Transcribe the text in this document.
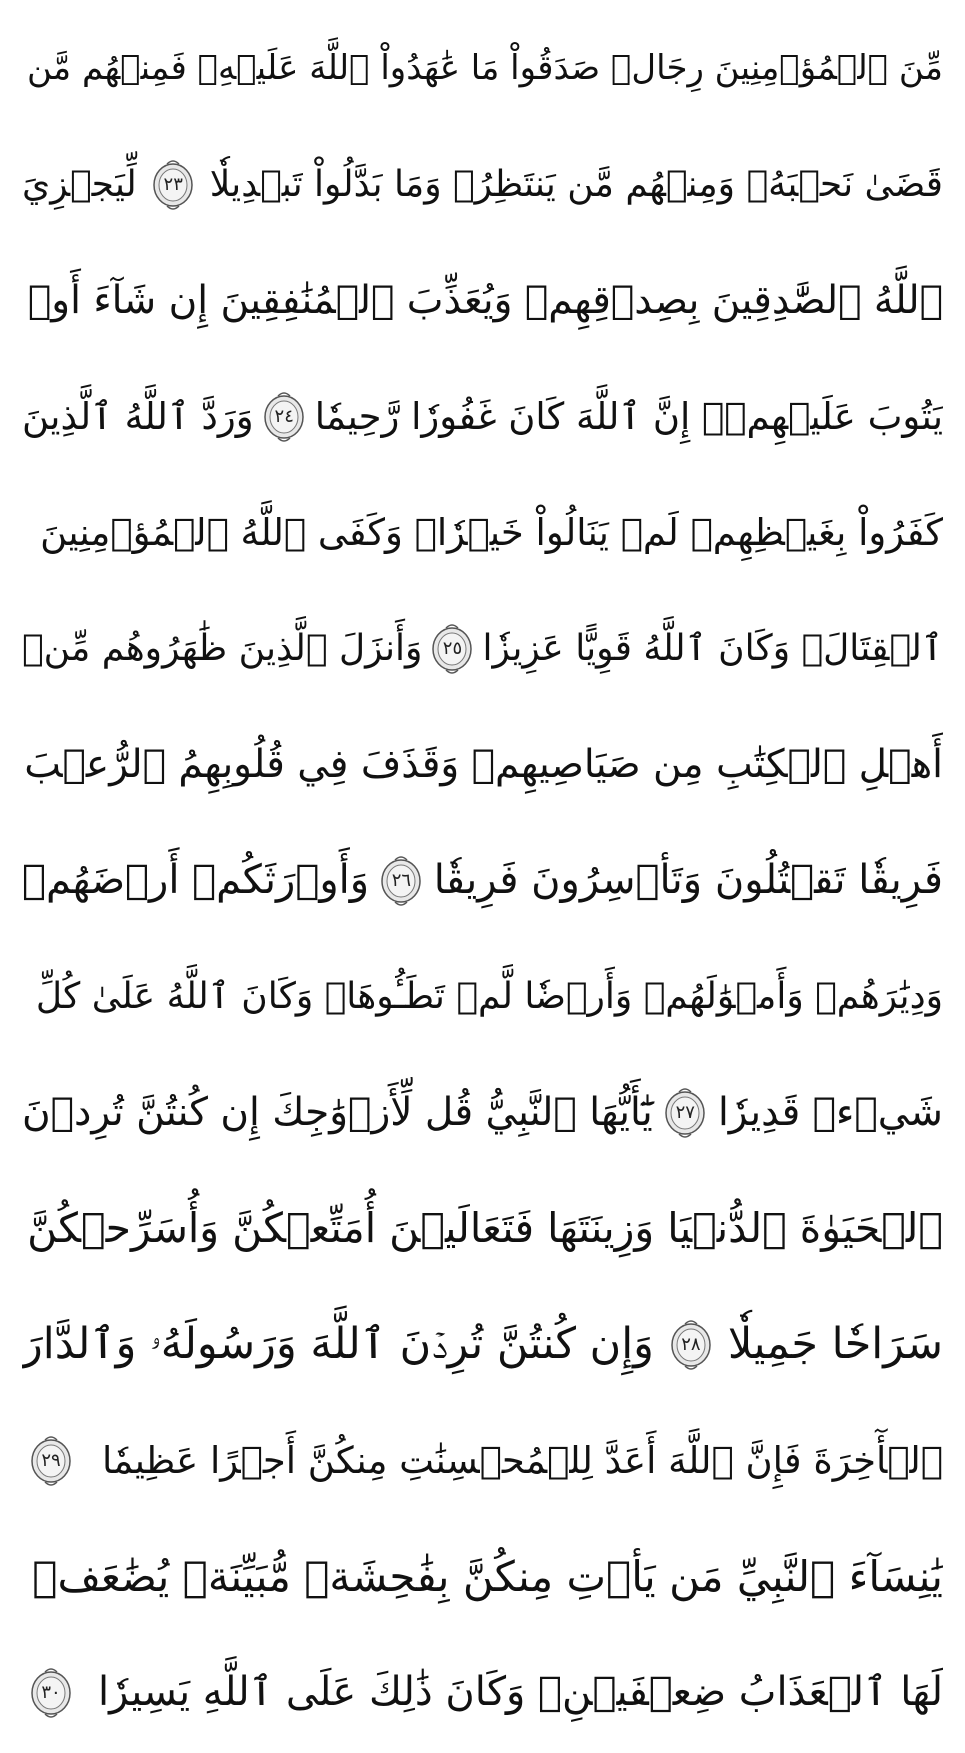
مِّنَ ٱلۡمُؤۡمِنِينَ رِجَالٞ صَدَقُواْ مَا عَٰهَدُواْ ٱللَّهَ عَلَيۡهِۖ فَمِنۡهُم مَّن
قَضَىٰ نَحۡبَهُۥ وَمِنۡهُم مَّن يَنتَظِرُۖ وَمَا بَدَّلُواْ تَبۡدِيلٗا
٢٣
لِّيَجۡزِيَ
ٱللَّهُ ٱلصَّٰدِقِينَ بِصِدۡقِهِمۡ وَيُعَذِّبَ ٱلۡمُنَٰفِقِينَ إِن شَآءَ أَوۡ
يَتُوبَ عَلَيۡهِمۡۚ إِنَّ ٱللَّهَ كَانَ غَفُورٗا رَّحِيمٗا
٢٤
وَرَدَّ ٱللَّهُ ٱلَّذِينَ
كَفَرُواْ بِغَيۡظِهِمۡ لَمۡ يَنَالُواْ خَيۡرٗاۚ وَكَفَى ٱللَّهُ ٱلۡمُؤۡمِنِينَ
ٱلۡقِتَالَۚ وَكَانَ ٱللَّهُ قَوِيًّا عَزِيزٗا
٢٥
وَأَنزَلَ ٱلَّذِينَ ظَٰهَرُوهُم مِّنۡ
أَهۡلِ ٱلۡكِتَٰبِ مِن صَيَاصِيهِمۡ وَقَذَفَ فِي قُلُوبِهِمُ ٱلرُّعۡبَ
فَرِيقٗا تَقۡتُلُونَ وَتَأۡسِرُونَ فَرِيقٗا
٢٦
وَأَوۡرَثَكُمۡ أَرۡضَهُمۡ
وَدِيَٰرَهُمۡ وَأَمۡوَٰلَهُمۡ وَأَرۡضٗا لَّمۡ تَطَـُٔوهَاۚ وَكَانَ ٱللَّهُ عَلَىٰ كُلِّ
شَيۡءٖ قَدِيرٗا
٢٧
يَٰٓأَيُّهَا ٱلنَّبِيُّ قُل لِّأَزۡوَٰجِكَ إِن كُنتُنَّ تُرِدۡنَ
ٱلۡحَيَوٰةَ ٱلدُّنۡيَا وَزِينَتَهَا فَتَعَالَيۡنَ أُمَتِّعۡكُنَّ وَأُسَرِّحۡكُنَّ
سَرَاحٗا جَمِيلٗا
٢٨
وَإِن كُنتُنَّ تُرِدۡنَ ٱللَّهَ وَرَسُولَهُۥ وَٱلدَّارَ
ٱلۡأٓخِرَةَ فَإِنَّ ٱللَّهَ أَعَدَّ لِلۡمُحۡسِنَٰتِ مِنكُنَّ أَجۡرًا عَظِيمٗا
٢٩
يَٰنِسَآءَ ٱلنَّبِيِّ مَن يَأۡتِ مِنكُنَّ بِفَٰحِشَةٖ مُّبَيِّنَةٖ يُضَٰعَفۡ
لَهَا ٱلۡعَذَابُ ضِعۡفَيۡنِۚ وَكَانَ ذَٰلِكَ عَلَى ٱللَّهِ يَسِيرٗا
٣٠
